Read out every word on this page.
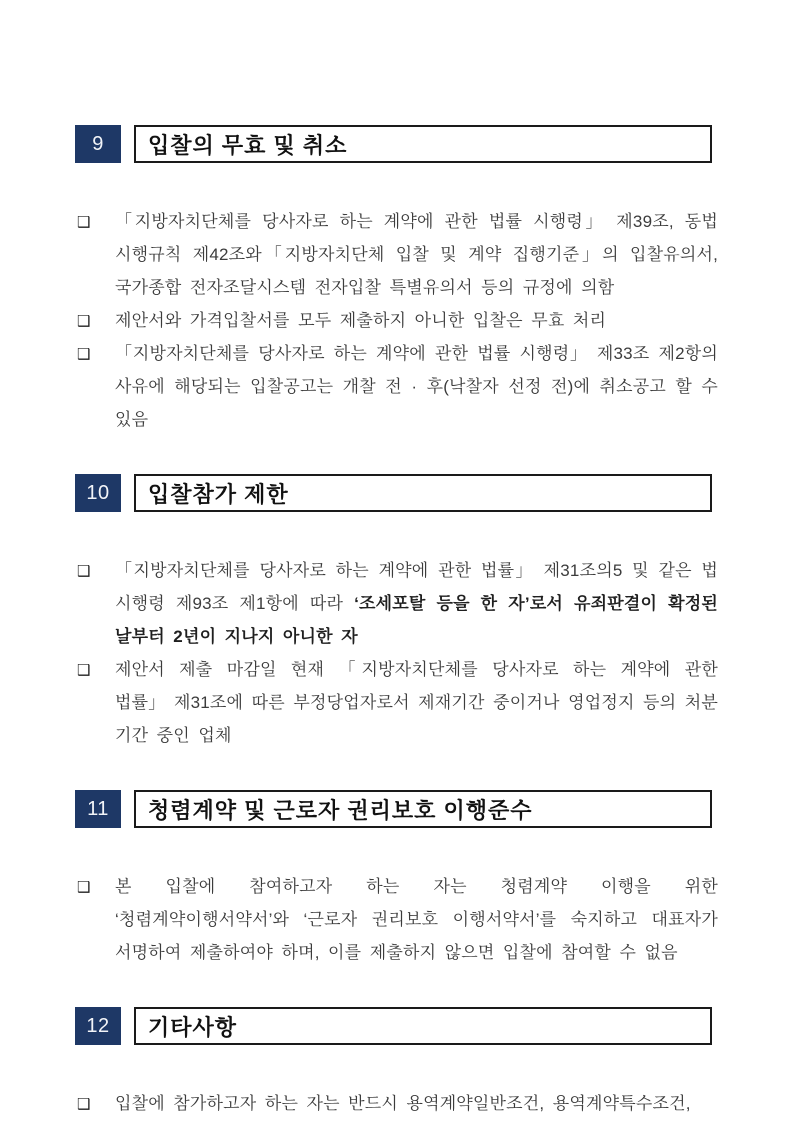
9	입찰의 무효 및 취소
❑ 「지방자치단체를 당사자로 하는 계약에 관한 법률 시행령」 제39조, 동법 시행규칙 제42조와「지방자치단체 입찰 및 계약 집행기준」의 입찰유의서, 국가종합 전자조달시스템 전자입찰 특별유의서 등의 규정에 의함
❑ 제안서와 가격입찰서를 모두 제출하지 아니한 입찰은 무효 처리
❑ 「지방자치단체를 당사자로 하는 계약에 관한 법률 시행령」 제33조 제2항의 사유에 해당되는 입찰공고는 개찰 전 · 후(낙찰자 선정 전)에 취소공고 할 수 있음
10	입찰참가 제한
❑ 「지방자치단체를 당사자로 하는 계약에 관한 법률」 제31조의5 및 같은 법 시행령 제93조 제1항에 따라 ‘조세포탈 등을 한 자’로서 유죄판결이 확정된 날부터 2년이 지나지 아니한 자
❑ 제안서 제출 마감일 현재 「지방자치단체를 당사자로 하는 계약에 관한 법률」 제31조에 따른 부정당업자로서 제재기간 중이거나 영업정지 등의 처분 기간 중인 업체
11	청렴계약 및 근로자 권리보호 이행준수
❑ 본 입찰에 참여하고자 하는 자는 청렴계약 이행을 위한 ‘청렴계약이행서약서’와 ‘근로자 권리보호 이행서약서’를 숙지하고 대표자가 서명하여 제출하여야 하며, 이를 제출하지 않으면 입찰에 참여할 수 없음
12	기타사항
❑ 입찰에 참가하고자 하는 자는 반드시 용역계약일반조건, 용역계약특수조건,
